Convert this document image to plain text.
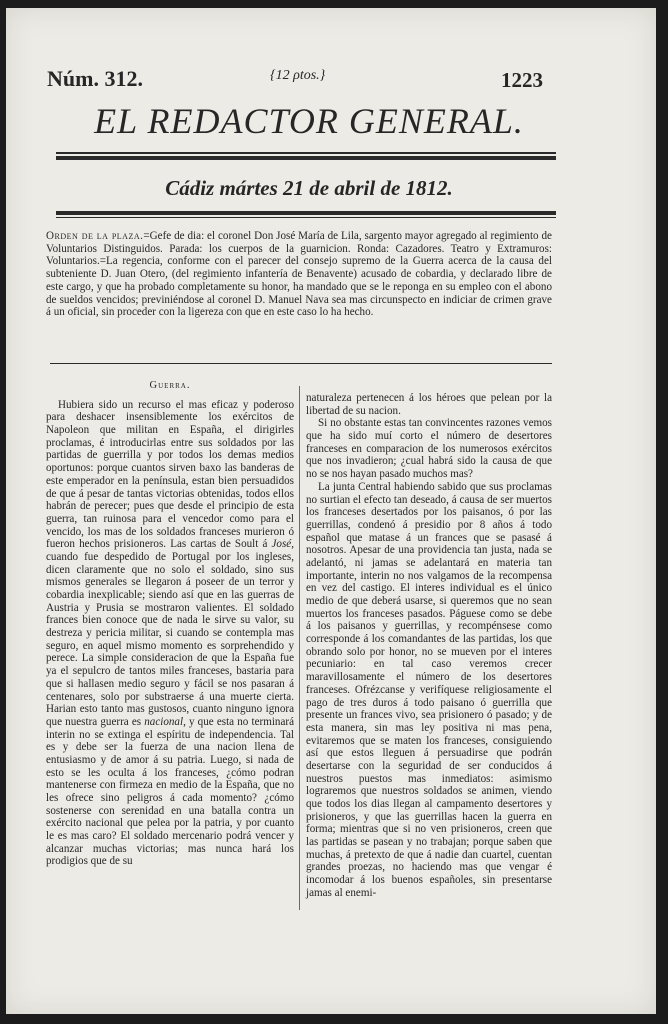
Núm. 312.	{12 ρtos.}	1223
EL REDACTOR GENERAL.
Cádiz mártes 21 de abril de 1812.
Orden de la plaza.=Gefe de dia: el coronel Don José María de Lila, sargento mayor agregado al regimiento de Voluntarios Distinguidos. Parada: los cuerpos de la guarnicion. Ronda: Cazadores. Teatro y Extramuros: Voluntarios.=La regencia, conforme con el parecer del consejo supremo de la Guerra acerca de la causa del subteniente D. Juan Otero, (del regimiento infantería de Benavente) acusado de cobardia, y declarado libre de este cargo, y que ha probado completamente su honor, ha mandado que se le reponga en su empleo con el abono de sueldos vencidos; previniéndose al coronel D. Manuel Nava sea mas circunspecto en indiciar de crimen grave á un oficial, sin proceder con la ligereza con que en este caso lo ha hecho.
Guerra.

Hubiera sido un recurso el mas eficaz y poderoso para deshacer insensiblemente los exércitos de Napoleon que militan en España, el dirigirles proclamas, é introducirlas entre sus soldados por las partidas de guerrilla y por todos los demas medios oportunos: porque cuantos sirven baxo las banderas de este emperador en la península, estan bien persuadidos de que á pesar de tantas victorias obtenidas, todos ellos habrán de perecer; pues que desde el principio de esta guerra, tan ruinosa para el vencedor como para el vencido, los mas de los soldados franceses murieron ó fueron hechos prisioneros. Las cartas de Soult á José, cuando fue despedido de Portugal por los ingleses, dicen claramente que no solo el soldado, sino sus mismos generales se llegaron á poseer de un terror y cobardia inexplicable; siendo así que en las guerras de Austria y Prusia se mostraron valientes. El soldado frances bien conoce que de nada le sirve su valor, su destreza y pericia militar, si cuando se contempla mas seguro, en aquel mismo momento es sorprehendido y perece. La simple consideracion de que la España fue ya el sepulcro de tantos miles franceses, bastaria para que si hallasen medio seguro y fácil se nos pasaran á centenares, solo por substraerse á una muerte cierta. Harian esto tanto mas gustosos, cuanto ninguno ignora que nuestra guerra es nacional, y que esta no terminará interin no se extinga el espíritu de independencia. Tal es y debe ser la fuerza de una nacion llena de entusiasmo y de amor á su patria. Luego, si nada de esto se les oculta á los franceses, ¿cómo podran mantenerse con firmeza en medio de la España, que no les ofrece sino peligros á cada momento? ¿cómo sostenerse con serenidad en una batalla contra un exército nacional que pelea por la patria, y por cuanto le es mas caro? El soldado mercenario podrá vencer y alcanzar muchas victorias; mas nunca hará los prodigios que de su

naturaleza pertenecen á los héroes que pelean por la libertad de su nacion.

Si no obstante estas tan convincentes razones vemos que ha sido muí corto el número de desertores franceses en comparacion de los numerosos exércitos que nos invadieron; ¿cual habrá sido la causa de que no se nos hayan pasado muchos mas?

La junta Central habiendo sabido que sus proclamas no surtian el efecto tan deseado, á causa de ser muertos los franceses desertados por los paisanos, ó por las guerrillas, condenó á presidio por 8 años á todo español que matase á un frances que se pasasé á nosotros. Apesar de una providencia tan justa, nada se adelantó, ni jamas se adelantará en materia tan importante, interin no nos valgamos de la recompensa en vez del castigo. El interes individual es el único medio de que deberá usarse, si queremos que no sean muertos los franceses pasados. Páguese como se debe á los paisanos y guerrillas, y recompénsese como corresponde á los comandantes de las partidas, los que obrando solo por honor, no se mueven por el interes pecuniario: en tal caso veremos crecer maravillosamente el número de los desertores franceses. Ofrézcanse y verifíquese religiosamente el pago de tres duros á todo paisano ó guerrilla que presente un frances vivo, sea prisionero ó pasado; y de esta manera, sin mas ley positiva ni mas pena, evitaremos que se maten los franceses, consiguiendo así que estos lleguen á persuadirse que podrán desertarse con la seguridad de ser conducidos á nuestros puestos mas inmediatos: asimismo lograremos que nuestros soldados se animen, viendo que todos los dias llegan al campamento desertores y prisioneros, y que las guerrillas hacen la guerra en forma; mientras que si no ven prisioneros, creen que las partidas se pasean y no trabajan; porque saben que muchas, á pretexto de que á nadie dan cuartel, cuentan grandes proezas, no haciendo mas que vengar é incomodar á los buenos españoles, sin presentarse jamas al enemi-
